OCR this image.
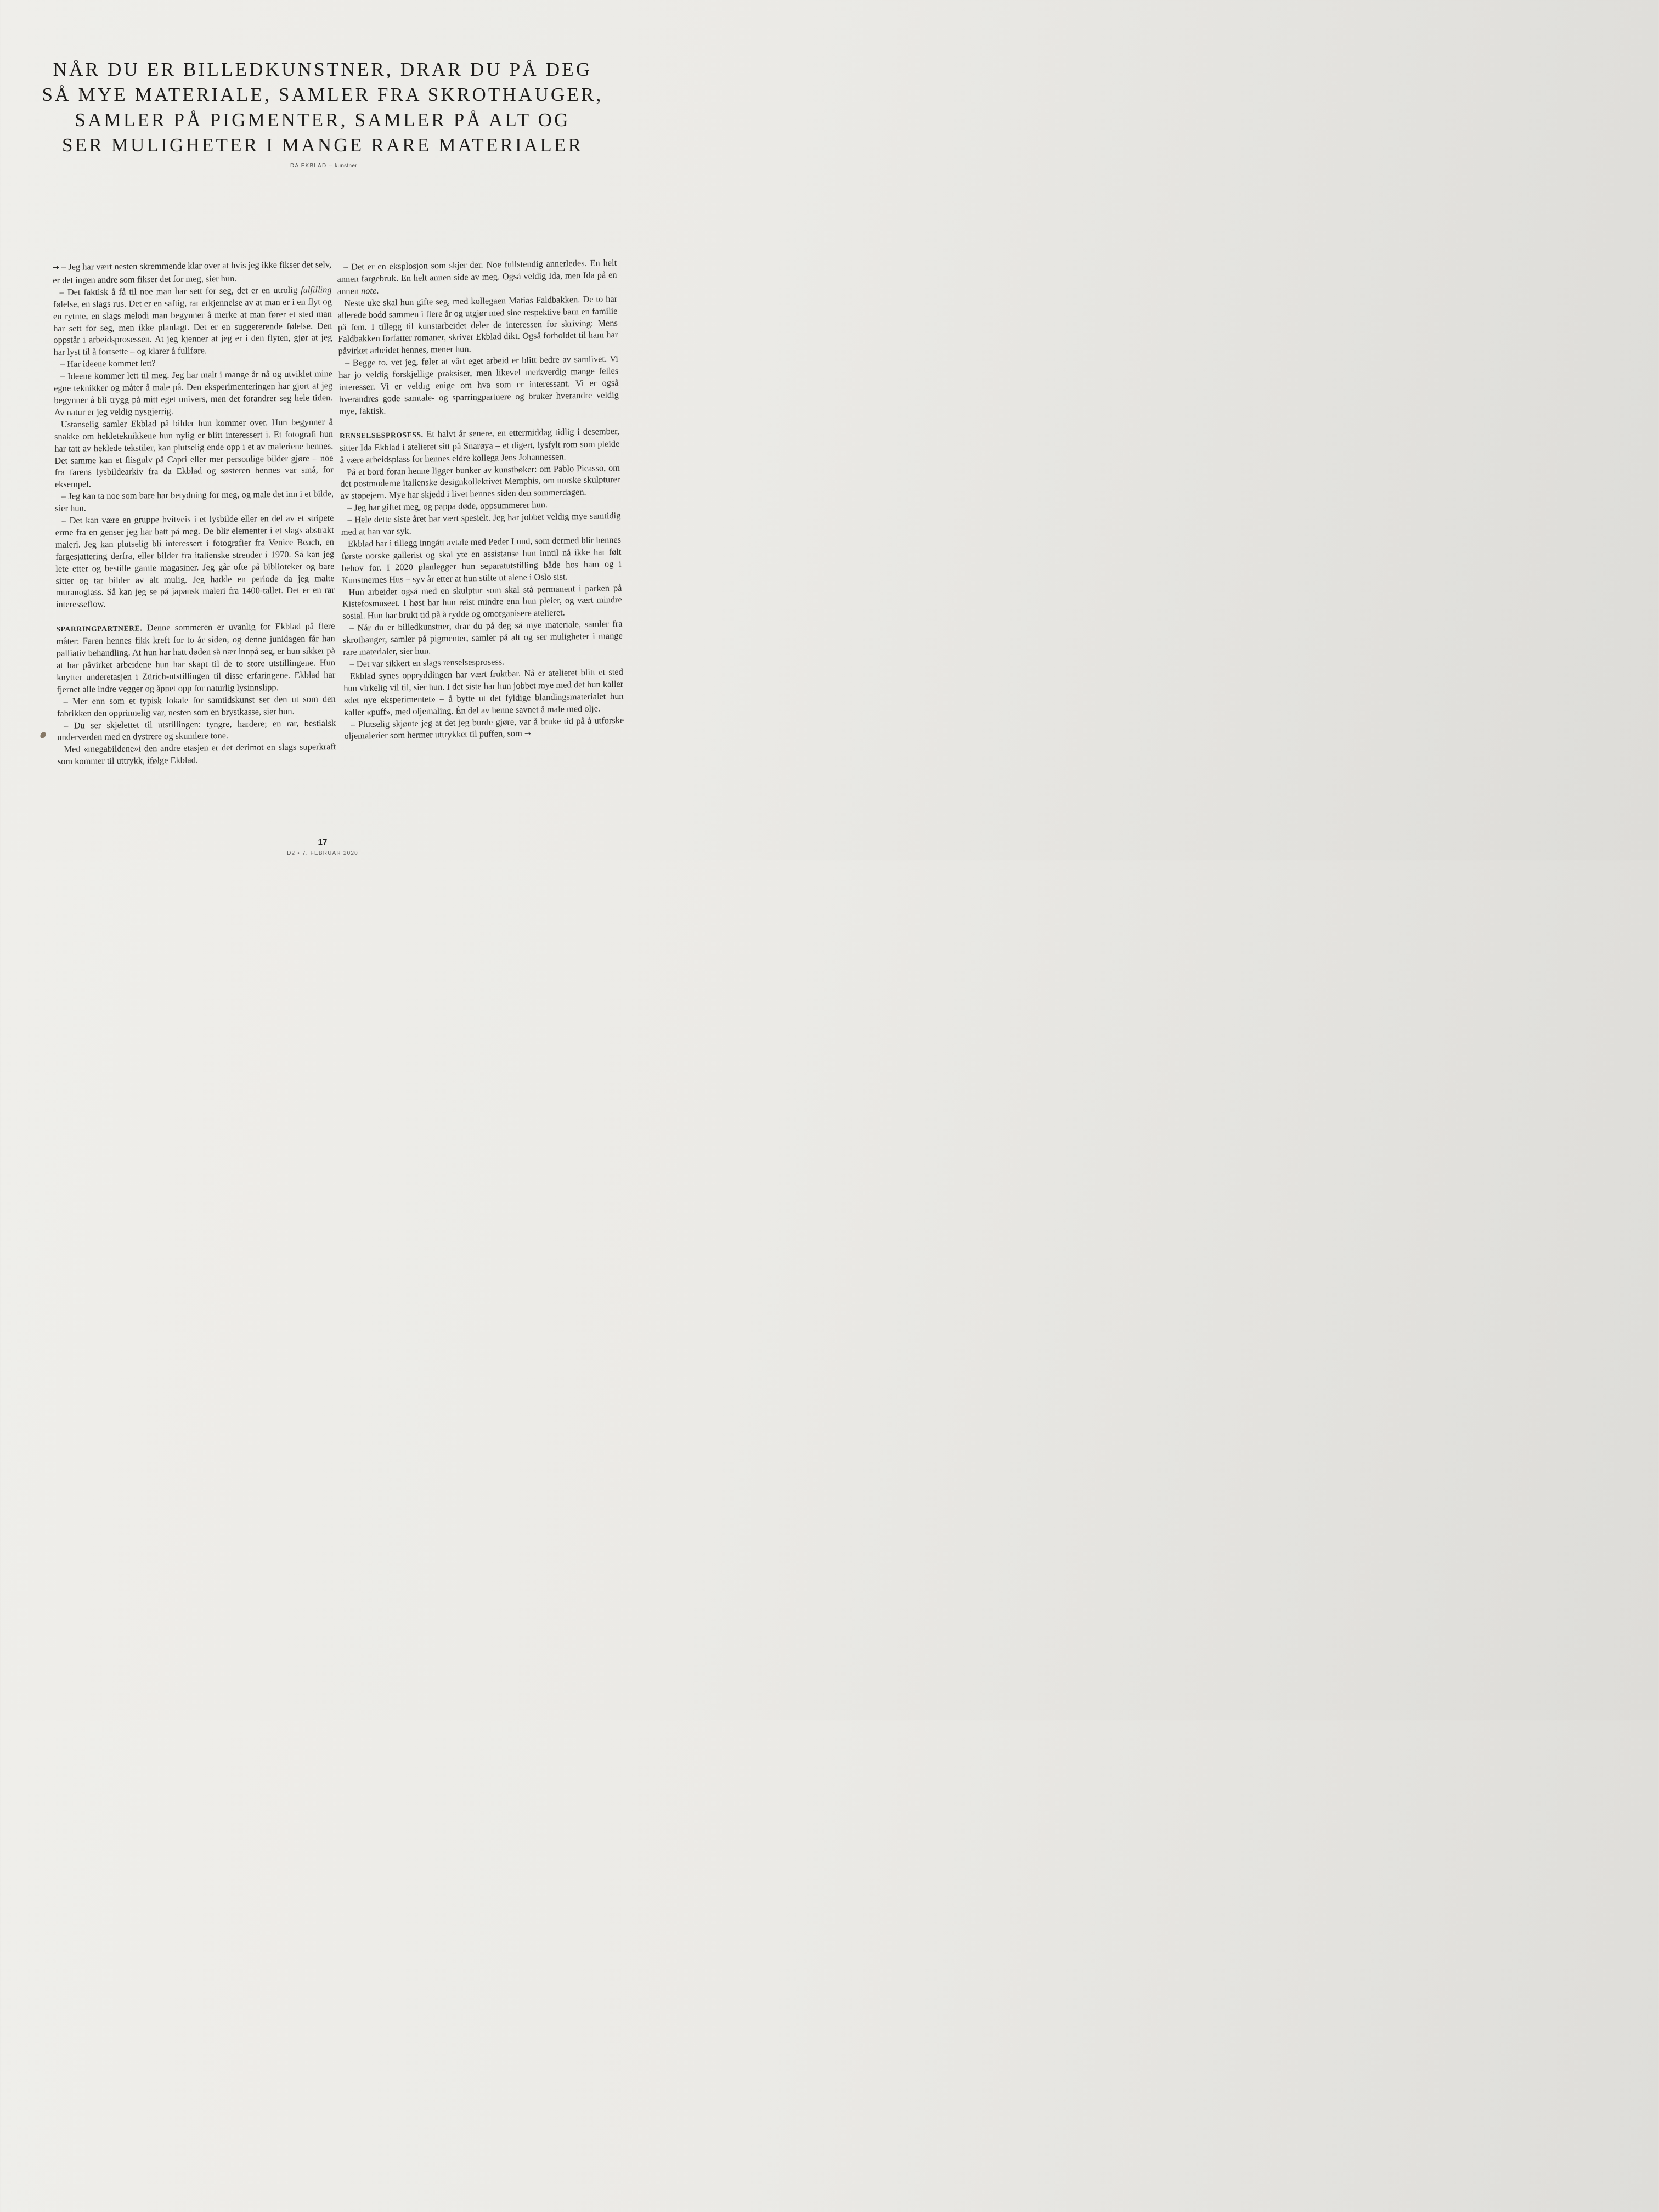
NÅR DU ER BILLEDKUNSTNER, DRAR DU PÅ DEG
SÅ MYE MATERIALE, SAMLER FRA SKROTHAUGER,
SAMLER PÅ PIGMENTER, SAMLER PÅ ALT OG
SER MULIGHETER I MANGE RARE MATERIALER
IDA EKBLAD – kunstner

→ – Jeg har vært nesten skremmende klar over at hvis jeg ikke fikser det selv, er det ingen andre som fikser det for meg, sier hun.

– Det faktisk å få til noe man har sett for seg, det er en utrolig fulfilling følelse, en slags rus. Det er en saftig, rar erkjennelse av at man er i en flyt og en rytme, en slags melodi man begynner å merke at man fører et sted man har sett for seg, men ikke planlagt. Det er en suggererende følelse. Den oppstår i arbeidsprosessen. At jeg kjenner at jeg er i den flyten, gjør at jeg har lyst til å fortsette – og klarer å fullføre.

– Har ideene kommet lett?

– Ideene kommer lett til meg. Jeg har malt i mange år nå og utviklet mine egne teknikker og måter å male på. Den eksperimenteringen har gjort at jeg begynner å bli trygg på mitt eget univers, men det forandrer seg hele tiden. Av natur er jeg veldig nysgjerrig.

Ustanselig samler Ekblad på bilder hun kommer over. Hun begynner å snakke om hekleteknikkene hun nylig er blitt interessert i. Et fotografi hun har tatt av heklede tekstiler, kan plutselig ende opp i et av maleriene hennes. Det samme kan et flisgulv på Capri eller mer personlige bilder gjøre – noe fra farens lysbildearkiv fra da Ekblad og søsteren hennes var små, for eksempel.

– Jeg kan ta noe som bare har betydning for meg, og male det inn i et bilde, sier hun.

– Det kan være en gruppe hvitveis i et lysbilde eller en del av et stripete erme fra en genser jeg har hatt på meg. De blir elementer i et slags abstrakt maleri. Jeg kan plutselig bli interessert i fotografier fra Venice Beach, en fargesjattering derfra, eller bilder fra italienske strender i 1970. Så kan jeg lete etter og bestille gamle magasiner. Jeg går ofte på biblioteker og bare sitter og tar bilder av alt mulig. Jeg hadde en periode da jeg malte muranoglass. Så kan jeg se på japansk maleri fra 1400-tallet. Det er en rar interesseflow.

SPARRINGPARTNERE. Denne sommeren er uvanlig for Ekblad på flere måter: Faren hennes fikk kreft for to år siden, og denne junidagen får han palliativ behandling. At hun har hatt døden så nær innpå seg, er hun sikker på at har påvirket arbeidene hun har skapt til de to store utstillingene. Hun knytter underetasjen i Zürich-utstillingen til disse erfaringene. Ekblad har fjernet alle indre vegger og åpnet opp for naturlig lysinnslipp.

– Mer enn som et typisk lokale for samtidskunst ser den ut som den fabrikken den opprinnelig var, nesten som en brystkasse, sier hun.

– Du ser skjelettet til utstillingen: tyngre, hardere; en rar, bestialsk underverden med en dystrere og skumlere tone.

Med «megabildene»i den andre etasjen er det derimot en slags superkraft som kommer til uttrykk, ifølge Ekblad.

– Det er en eksplosjon som skjer der. Noe fullstendig annerledes. En helt annen fargebruk. En helt annen side av meg. Også veldig Ida, men Ida på en annen note.

Neste uke skal hun gifte seg, med kollegaen Matias Faldbakken. De to har allerede bodd sammen i flere år og utgjør med sine respektive barn en familie på fem. I tillegg til kunstarbeidet deler de interessen for skriving: Mens Faldbakken forfatter romaner, skriver Ekblad dikt. Også forholdet til ham har påvirket arbeidet hennes, mener hun.

– Begge to, vet jeg, føler at vårt eget arbeid er blitt bedre av samlivet. Vi har jo veldig forskjellige praksiser, men likevel merkverdig mange felles interesser. Vi er veldig enige om hva som er interessant. Vi er også hverandres gode samtale- og sparringpartnere og bruker hverandre veldig mye, faktisk.

RENSELSESPROSESS. Et halvt år senere, en ettermiddag tidlig i desember, sitter Ida Ekblad i atelieret sitt på Snarøya – et digert, lysfylt rom som pleide å være arbeidsplass for hennes eldre kollega Jens Johannessen.

På et bord foran henne ligger bunker av kunstbøker: om Pablo Picasso, om det postmoderne italienske designkollektivet Memphis, om norske skulpturer av støpejern. Mye har skjedd i livet hennes siden den sommerdagen.

– Jeg har giftet meg, og pappa døde, oppsummerer hun.

– Hele dette siste året har vært spesielt. Jeg har jobbet veldig mye samtidig med at han var syk.

Ekblad har i tillegg inngått avtale med Peder Lund, som dermed blir hennes første norske gallerist og skal yte en assistanse hun inntil nå ikke har følt behov for. I 2020 planlegger hun separatutstilling både hos ham og i Kunstnernes Hus – syv år etter at hun stilte ut alene i Oslo sist.

Hun arbeider også med en skulptur som skal stå permanent i parken på Kistefosmuseet. I høst har hun reist mindre enn hun pleier, og vært mindre sosial. Hun har brukt tid på å rydde og omorganisere atelieret.

– Når du er billedkunstner, drar du på deg så mye materiale, samler fra skrothauger, samler på pigmenter, samler på alt og ser muligheter i mange rare materialer, sier hun.

– Det var sikkert en slags renselsesprosess.

Ekblad synes oppryddingen har vært fruktbar. Nå er atelieret blitt et sted hun virkelig vil til, sier hun. I det siste har hun jobbet mye med det hun kaller «det nye eksperimentet» – å bytte ut det fyldige blandingsmaterialet hun kaller «puff», med oljemaling. Én del av henne savnet å male med olje.

– Plutselig skjønte jeg at det jeg burde gjøre, var å bruke tid på å utforske oljemalerier som hermer uttrykket til puffen, som →

17
D2 • 7. FEBRUAR 2020
